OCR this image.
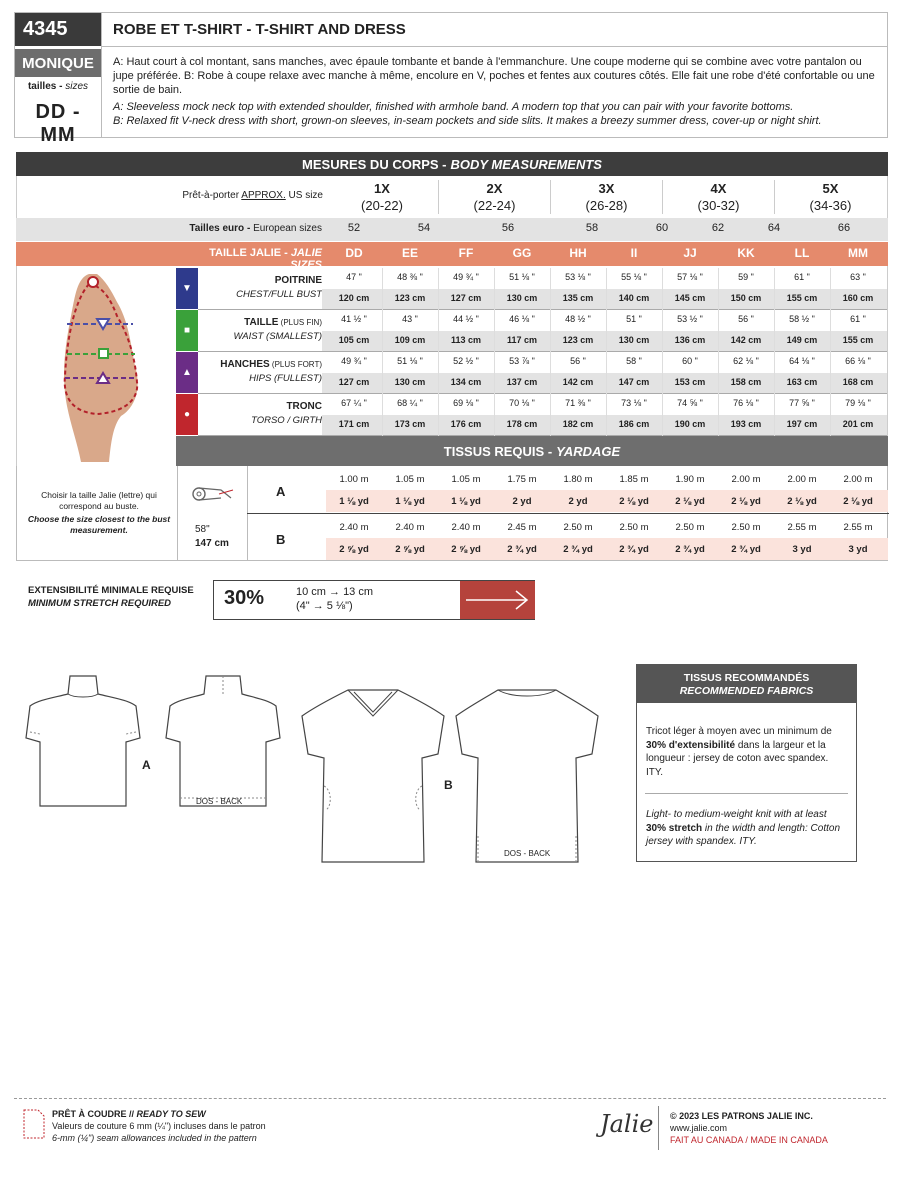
4345
MONIQUE
tailles - sizes
DD - MM
ROBE ET T-SHIRT - T-SHIRT AND DRESS

A: Haut court à col montant, sans manches, avec épaule tombante et bande à l'emmanchure. Une coupe moderne qui se combine avec votre pantalon ou jupe préférée. B: Robe à coupe relaxe avec manche à même, encolure en V, poches et fentes aux coutures côtés. Elle fait une robe d'été confortable ou une sortie de bain.

A: Sleeveless mock neck top with extended shoulder, finished with armhole band. A modern top that you can pair with your favorite bottoms.

B: Relaxed fit V-neck dress with short, grown-on sleeves, in-seam pockets and side slits. It makes a breezy summer dress, cover-up or night shirt.

MESURES DU CORPS - BODY MEASUREMENTS
Prêt-à-porter APPROX. US size
Tailles euro - European sizes
TAILLE JALIE - JALIE SIZES
TISSUS REQUIS - YARDAGE
Choisir la taille Jalie (lettre) qui correspond au buste.
Choose the size closest to the bust measurement.	58"
147 cm
EXTENSIBILITÉ MINIMALE REQUISE
MINIMUM STRETCH REQUIRED	30%	10 cm → 13 cm
(4" → 5 ⅛")
A
DOS - BACK
B
DOS - BACK
TISSUS RECOMMANDÉS
RECOMMENDED FABRICS
Tricot léger à moyen avec un minimum de 30% d'extensibilité dans la largeur et la longueur : jersey de coton avec spandex. ITY.
Light- to medium-weight knit with at least 30% stretch in the width and length: Cotton jersey with spandex. ITY.
PRÊT À COUDRE // READY TO SEW
Valeurs de couture 6 mm (¼") incluses dans le patron
6-mm (¼") seam allowances included in the pattern	Jalie © 2023 LES PATRONS JALIE INC.
www.jalie.com
FAIT AU CANADA / MADE IN CANADA
1X
(20-22)
2X
(22-24)
3X
(26-28)
4X
(30-32)
5X
(34-36)
52	54	56	58	60	62	64	66
DD	EE	FF	GG	HH	II	JJ	KK	LL	MM
▼
POITRINE
CHEST/FULL BUST
47 "	48 ⅜ "	49 ¾ "	51 ⅛ "	53 ⅛ "	55 ⅛ "	57 ⅛ "	59 "	61 "	63 "
120 cm	123 cm	127 cm	130 cm	135 cm	140 cm	145 cm	150 cm	155 cm	160 cm
■
TAILLE (PLUS FIN)
WAIST (SMALLEST)
41 ½ "	43 "	44 ½ "	46 ⅛ "	48 ½ "	51 "	53 ½ "	56 "	58 ½ "	61 "
105 cm	109 cm	113 cm	117 cm	123 cm	130 cm	136 cm	142 cm	149 cm	155 cm
▲
HANCHES (PLUS FORT)
HIPS (FULLEST)
49 ¾ "	51 ⅛ "	52 ½ "	53 ⅞ "	56 "	58 "	60 "	62 ⅛ "	64 ⅛ "	66 ⅛ "
127 cm	130 cm	134 cm	137 cm	142 cm	147 cm	153 cm	158 cm	163 cm	168 cm
●
TRONC
TORSO / GIRTH
67 ¼ "	68 ¼ "	69 ⅛ "	70 ⅛ "	71 ⅜ "	73 ⅛ "	74 ⅝ "	76 ⅛ "	77 ⅝ "	79 ⅛ "
171 cm	173 cm	176 cm	178 cm	182 cm	186 cm	190 cm	193 cm	197 cm	201 cm
A
1.00 m	1.05 m	1.05 m	1.75 m	1.80 m	1.85 m	1.90 m	2.00 m	2.00 m	2.00 m
1 ⅛ yd	1 ⅛ yd	1 ⅛ yd	2 yd	2 yd	2 ⅛ yd	2 ⅛ yd	2 ⅛ yd	2 ⅛ yd	2 ⅛ yd
B
2.40 m	2.40 m	2.40 m	2.45 m	2.50 m	2.50 m	2.50 m	2.50 m	2.55 m	2.55 m
2 ⅝ yd	2 ⅝ yd	2 ⅝ yd	2 ¾ yd	2 ¾ yd	2 ¾ yd	2 ¾ yd	2 ¾ yd	3 yd	3 yd
